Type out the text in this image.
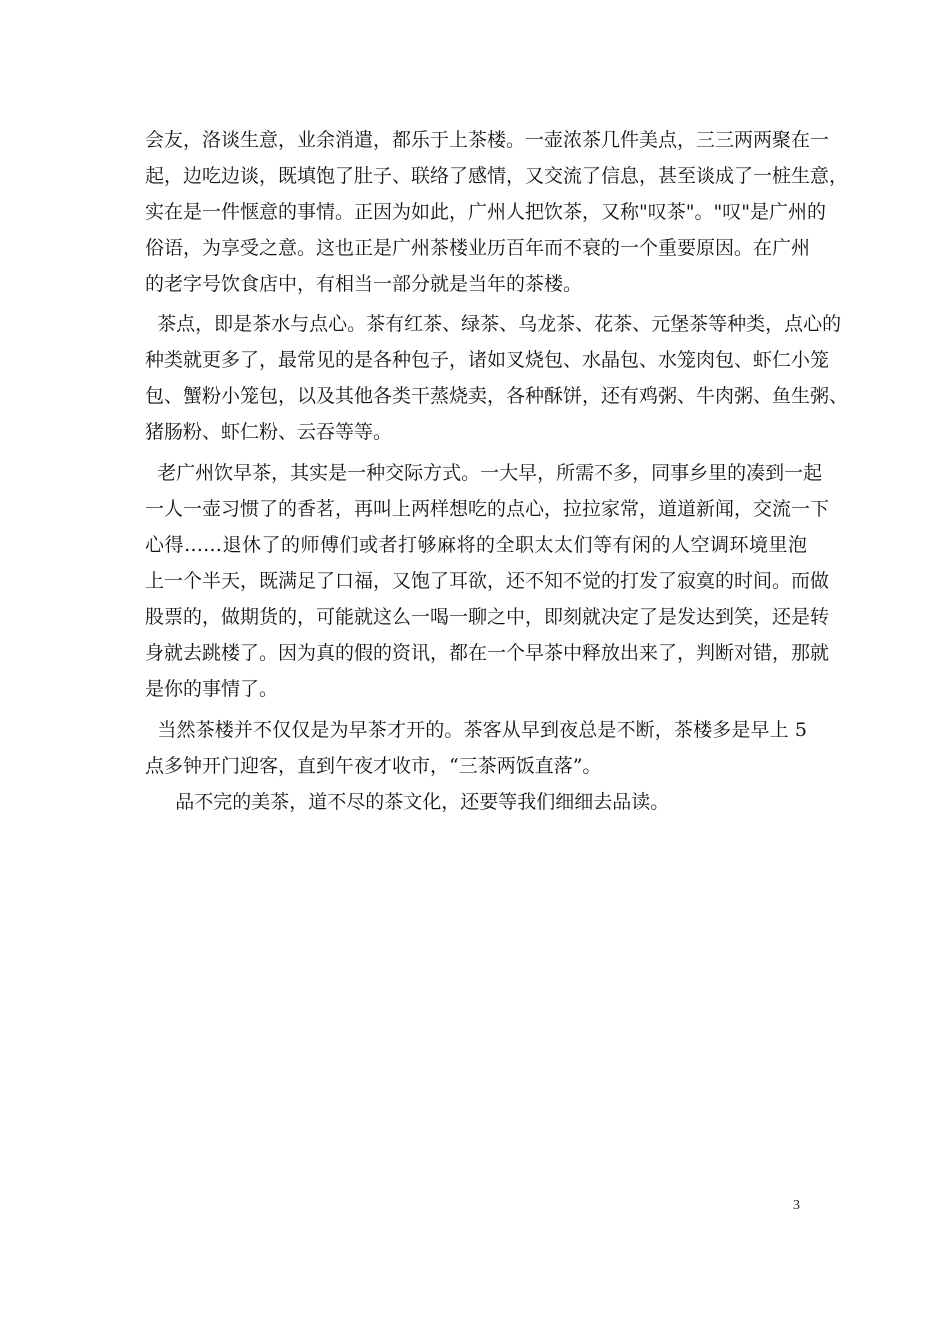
会友，洛谈生意，业余消遣，都乐于上茶楼。一壶浓茶几件美点，三三两两聚在一
起，边吃边谈，既填饱了肚子、联络了感情，又交流了信息，甚至谈成了一桩生意，
实在是一件惬意的事情。正因为如此，广州人把饮茶，又称"叹茶"。"叹"是广州的
俗语，为享受之意。这也正是广州茶楼业历百年而不衰的一个重要原因。在广州
的老字号饮食店中，有相当一部分就是当年的茶楼。
茶点，即是茶水与点心。茶有红茶、绿茶、乌龙茶、花茶、元堡茶等种类，点心的
种类就更多了，最常见的是各种包子，诸如叉烧包、水晶包、水笼肉包、虾仁小笼
包、蟹粉小笼包，以及其他各类干蒸烧卖，各种酥饼，还有鸡粥、牛肉粥、鱼生粥、
猪肠粉、虾仁粉、云吞等等。
老广州饮早茶，其实是一种交际方式。一大早，所需不多，同事乡里的凑到一起
一人一壶习惯了的香茗，再叫上两样想吃的点心，拉拉家常，道道新闻，交流一下
心得……退休了的师傅们或者打够麻将的全职太太们等有闲的人空调环境里泡
上一个半天，既满足了口福，又饱了耳欲，还不知不觉的打发了寂寞的时间。而做
股票的，做期货的，可能就这么一喝一聊之中，即刻就决定了是发达到笑，还是转
身就去跳楼了。因为真的假的资讯，都在一个早茶中释放出来了，判断对错，那就
是你的事情了。
当然茶楼并不仅仅是为早茶才开的。茶客从早到夜总是不断，茶楼多是早上 5
点多钟开门迎客，直到午夜才收市，“三茶两饭直落”。
品不完的美茶，道不尽的茶文化，还要等我们细细去品读。
3
